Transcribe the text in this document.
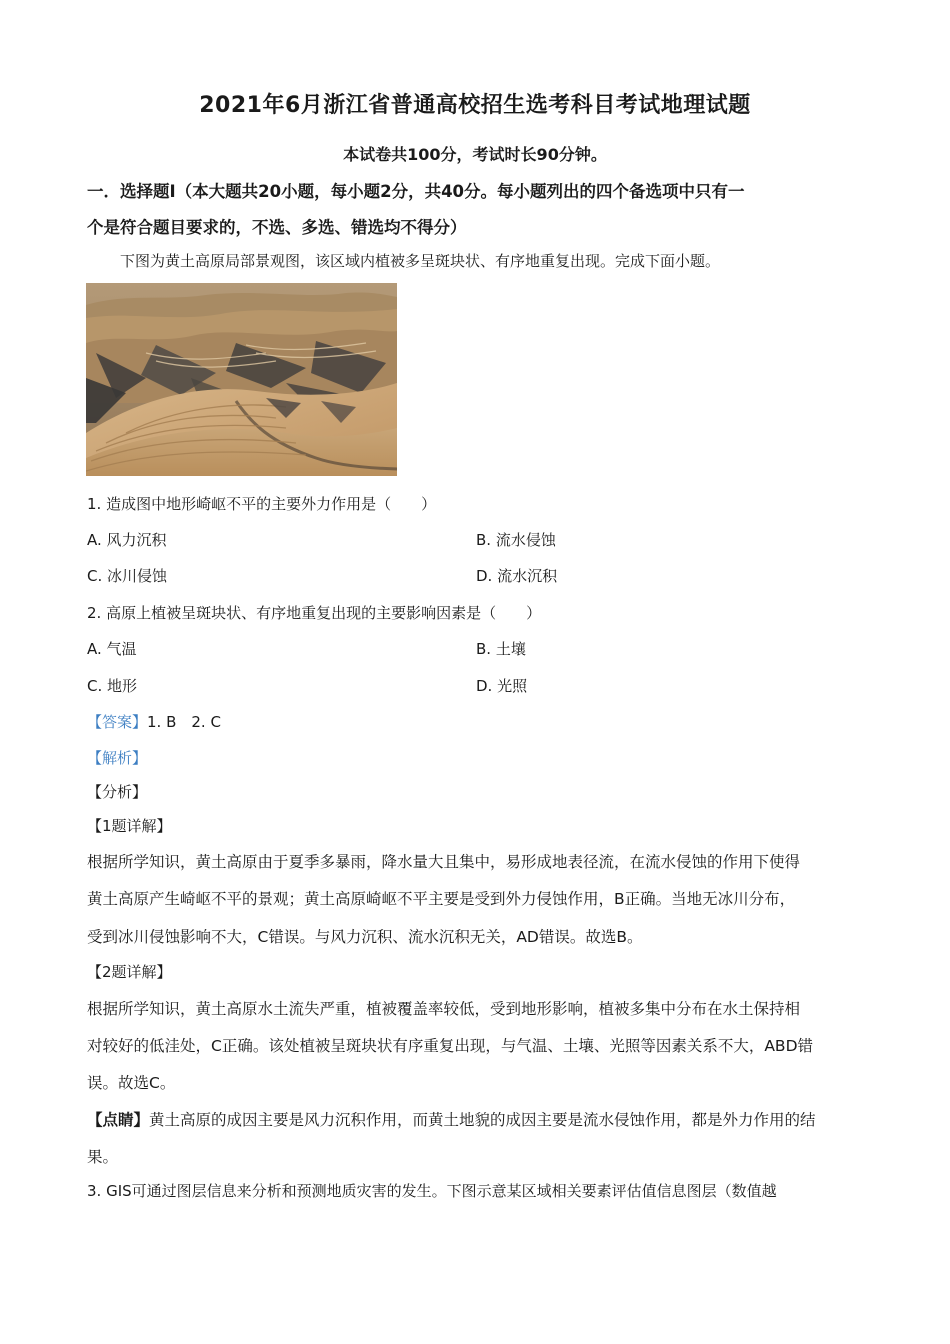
2021年6月浙江省普通高校招生选考科目考试地理试题
本试卷共100分，考试时长90分钟。
一．选择题Ⅰ（本大题共20小题，每小题2分，共40分。每小题列出的四个备选项中只有一
个是符合题目要求的，不选、多选、错选均不得分）
下图为黄土高原局部景观图，该区域内植被多呈斑块状、有序地重复出现。完成下面小题。
1. 造成图中地形崎岖不平的主要外力作用是（　　）
A. 风力沉积	B. 流水侵蚀
C. 冰川侵蚀	D. 流水沉积
2. 高原上植被呈斑块状、有序地重复出现的主要影响因素是（　　）
A. 气温	B. 土壤
C. 地形	D. 光照
【答案】1. B　2. C
【解析】
【分析】
【1题详解】
根据所学知识，黄土高原由于夏季多暴雨，降水量大且集中，易形成地表径流，在流水侵蚀的作用下使得
黄土高原产生崎岖不平的景观；黄土高原崎岖不平主要是受到外力侵蚀作用，B正确。当地无冰川分布，
受到冰川侵蚀影响不大，C错误。与风力沉积、流水沉积无关，AD错误。故选B。
【2题详解】
根据所学知识，黄土高原水土流失严重，植被覆盖率较低，受到地形影响，植被多集中分布在水土保持相
对较好的低洼处，C正确。该处植被呈斑块状有序重复出现，与气温、土壤、光照等因素关系不大，ABD错
误。故选C。
【点睛】黄土高原的成因主要是风力沉积作用，而黄土地貌的成因主要是流水侵蚀作用，都是外力作用的结
果。
3. GIS可通过图层信息来分析和预测地质灾害的发生。下图示意某区域相关要素评估值信息图层（数值越
